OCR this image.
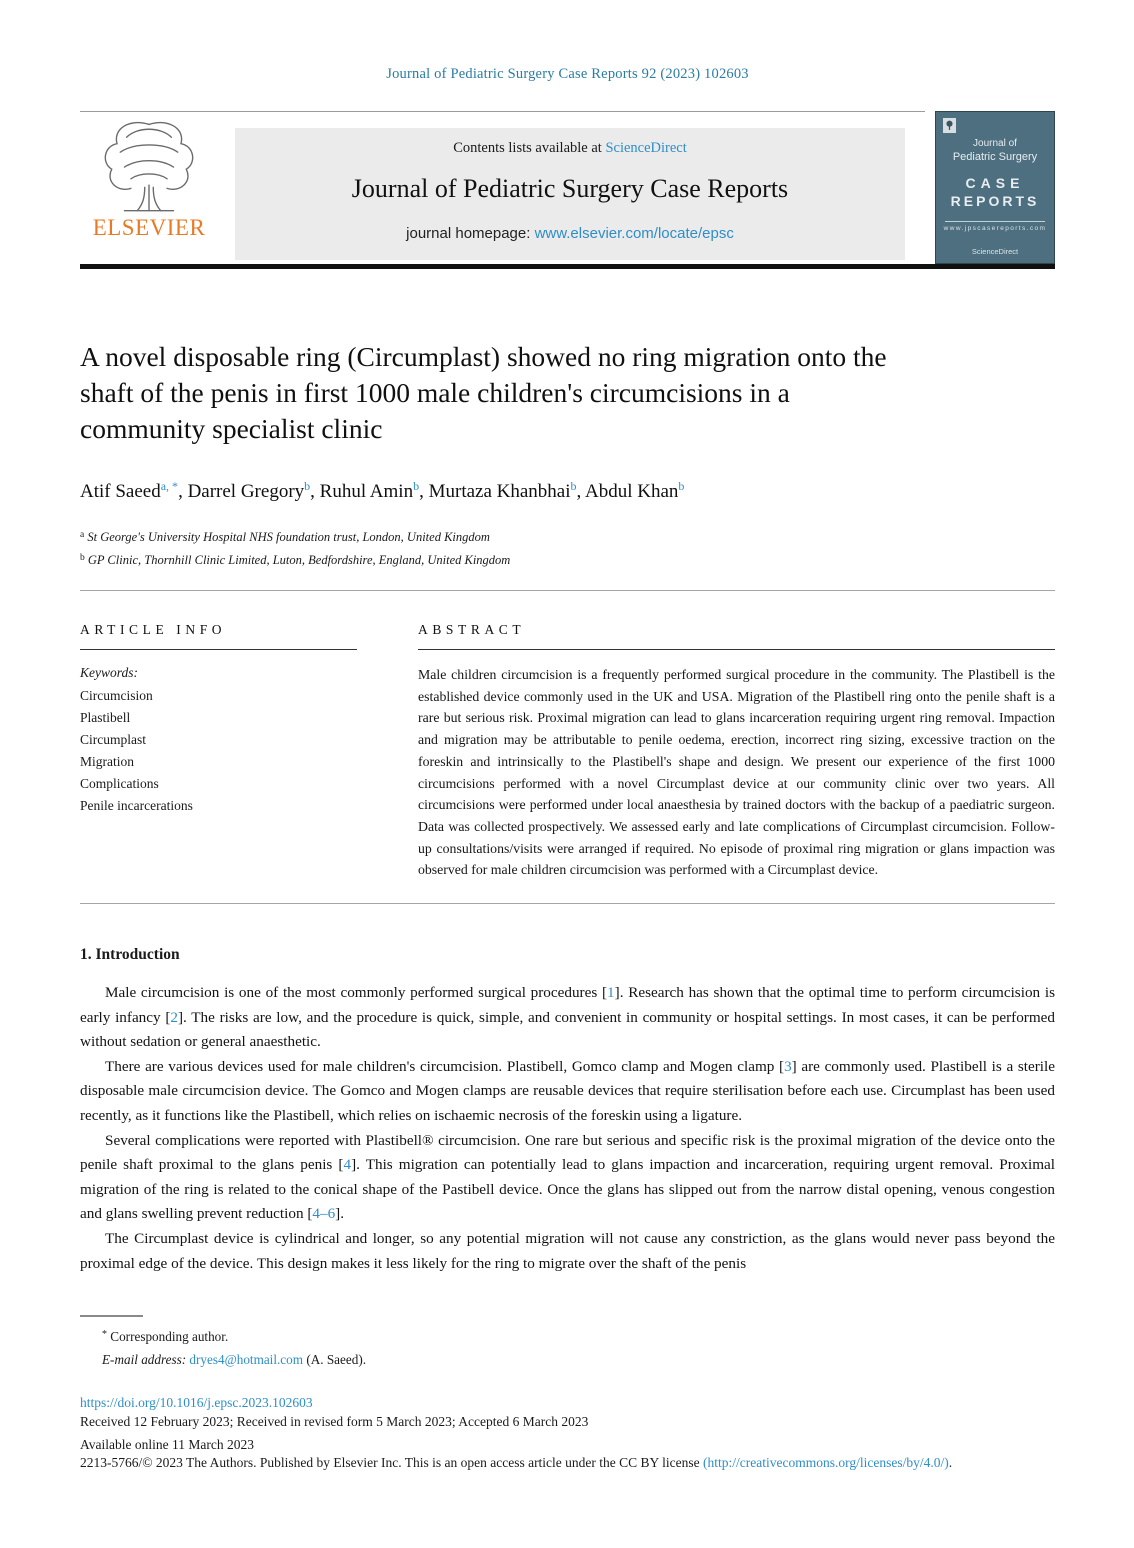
Journal of Pediatric Surgery Case Reports 92 (2023) 102603
ELSEVIER
Contents lists available at ScienceDirect
Journal of Pediatric Surgery Case Reports
journal homepage: www.elsevier.com/locate/epsc
Journal of
Pediatric Surgery
CASE
REPORTS
www.jpscasereports.com
ScienceDirect
A novel disposable ring (Circumplast) showed no ring migration onto the shaft of the penis in first 1000 male children's circumcisions in a community specialist clinic
Atif Saeed$^{a, *}$, Darrel Gregory$^b$, Ruhul Amin$^b$, Murtaza Khanbhai$^b$, Abdul Khan$^b$
$^a$ St George's University Hospital NHS foundation trust, London, United Kingdom
$^b$ GP Clinic, Thornhill Clinic Limited, Luton, Bedfordshire, England, United Kingdom
ARTICLE INFO
Keywords:
Circumcision
Plastibell
Circumplast
Migration
Complications
Penile incarcerations
ABSTRACT
Male children circumcision is a frequently performed surgical procedure in the community. The Plastibell is the established device commonly used in the UK and USA. Migration of the Plastibell ring onto the penile shaft is a rare but serious risk. Proximal migration can lead to glans incarceration requiring urgent ring removal. Impaction and migration may be attributable to penile oedema, erection, incorrect ring sizing, excessive traction on the foreskin and intrinsically to the Plastibell's shape and design. We present our experience of the first 1000 circumcisions performed with a novel Circumplast device at our community clinic over two years. All circumcisions were performed under local anaesthesia by trained doctors with the backup of a paediatric surgeon. Data was collected prospectively. We assessed early and late complications of Circumplast circumcision. Follow-up consultations/visits were arranged if required. No episode of proximal ring migration or glans impaction was observed for male children circumcision was performed with a Circumplast device.
1. Introduction

Male circumcision is one of the most commonly performed surgical procedures [1]. Research has shown that the optimal time to perform circumcision is early infancy [2]. The risks are low, and the procedure is quick, simple, and convenient in community or hospital settings. In most cases, it can be performed without sedation or general anaesthetic.

There are various devices used for male children's circumcision. Plastibell, Gomco clamp and Mogen clamp [3] are commonly used. Plastibell is a sterile disposable male circumcision device. The Gomco and Mogen clamps are reusable devices that require sterilisation before each use. Circumplast has been used recently, as it functions like the Plastibell, which relies on ischaemic necrosis of the foreskin using a ligature.

Several complications were reported with Plastibell® circumcision. One rare but serious and specific risk is the proximal migration of the device onto the penile shaft proximal to the glans penis [4]. This migration can potentially lead to glans impaction and incarceration, requiring urgent removal. Proximal migration of the ring is related to the conical shape of the Pastibell device. Once the glans has slipped out from the narrow distal opening, venous congestion and glans swelling prevent reduction [4–6].

The Circumplast device is cylindrical and longer, so any potential migration will not cause any constriction, as the glans would never pass beyond the proximal edge of the device. This design makes it less likely for the ring to migrate over the shaft of the penis

* Corresponding author.
E-mail address: dryes4@hotmail.com (A. Saeed).
https://doi.org/10.1016/j.epsc.2023.102603
Received 12 February 2023; Received in revised form 5 March 2023; Accepted 6 March 2023
Available online 11 March 2023
2213-5766/© 2023 The Authors. Published by Elsevier Inc. This is an open access article under the CC BY license (http://creativecommons.org/licenses/by/4.0/).
